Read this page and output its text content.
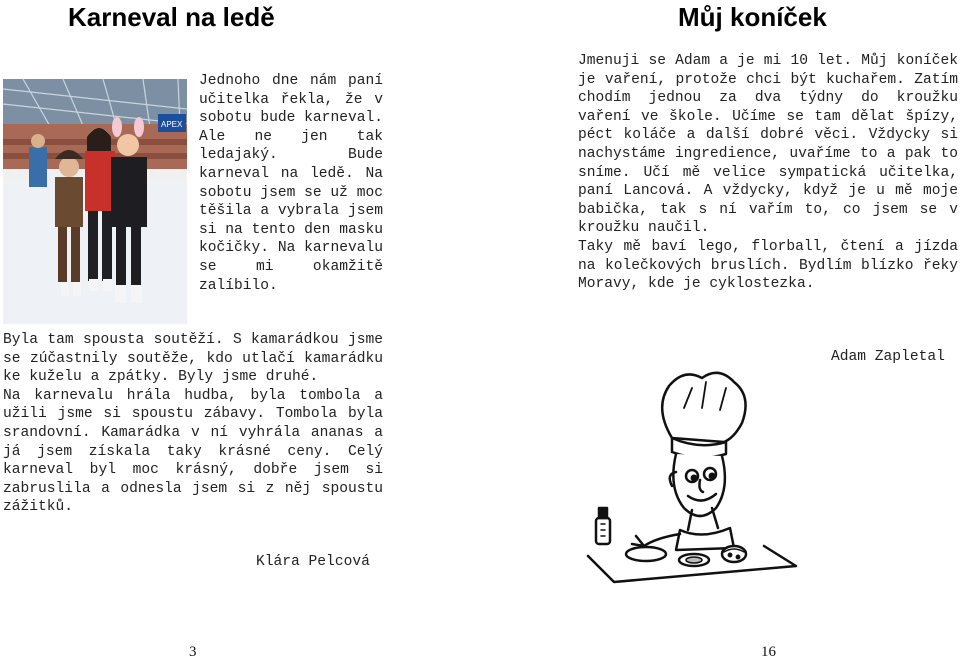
Karneval na ledě
APEX

Jednoho dne nám paní učitelka řekla, že v sobotu bude karneval. Ale ne jen tak ledajaký. Bude karneval na ledě. Na sobotu jsem se už moc těšila a vybrala jsem si na tento den masku kočičky. Na karnevalu se mi okamžitě zalíbilo.

Byla tam spousta soutěží. S kamarádkou jsme se zúčastnily soutěže, kdo utlačí kamarádku ke kuželu a zpátky. Byly jsme druhé.

Na karnevalu hrála hudba, byla tombola a užili jsme si spoustu zábavy. Tombola byla srandovní. Kamarádka v ní vyhrála ananas a já jsem získala taky krásné ceny. Celý karneval byl moc krásný, dobře jsem si zabruslila a odnesla jsem si z něj spoustu zážitků.

Klára Pelcová
3
Můj koníček

Jmenuji se Adam a je mi 10 let. Můj koníček je vaření, protože chci být kuchařem. Zatím chodím jednou za dva týdny do kroužku vaření ve škole. Učíme se tam dělat špízy, péct koláče a další dobré věci. Vždycky si nachystáme ingredience, uvaříme to a pak to sníme. Učí mě velice sympatická učitelka, paní Lancová. A vždycky, když je u mě moje babička, tak s ní vařím to, co jsem se v kroužku naučil.

Taky mě baví lego, florball, čtení a jízda na kolečkových bruslích. Bydlím blízko řeky Moravy, kde je cyklostezka.

Adam Zapletal
16
